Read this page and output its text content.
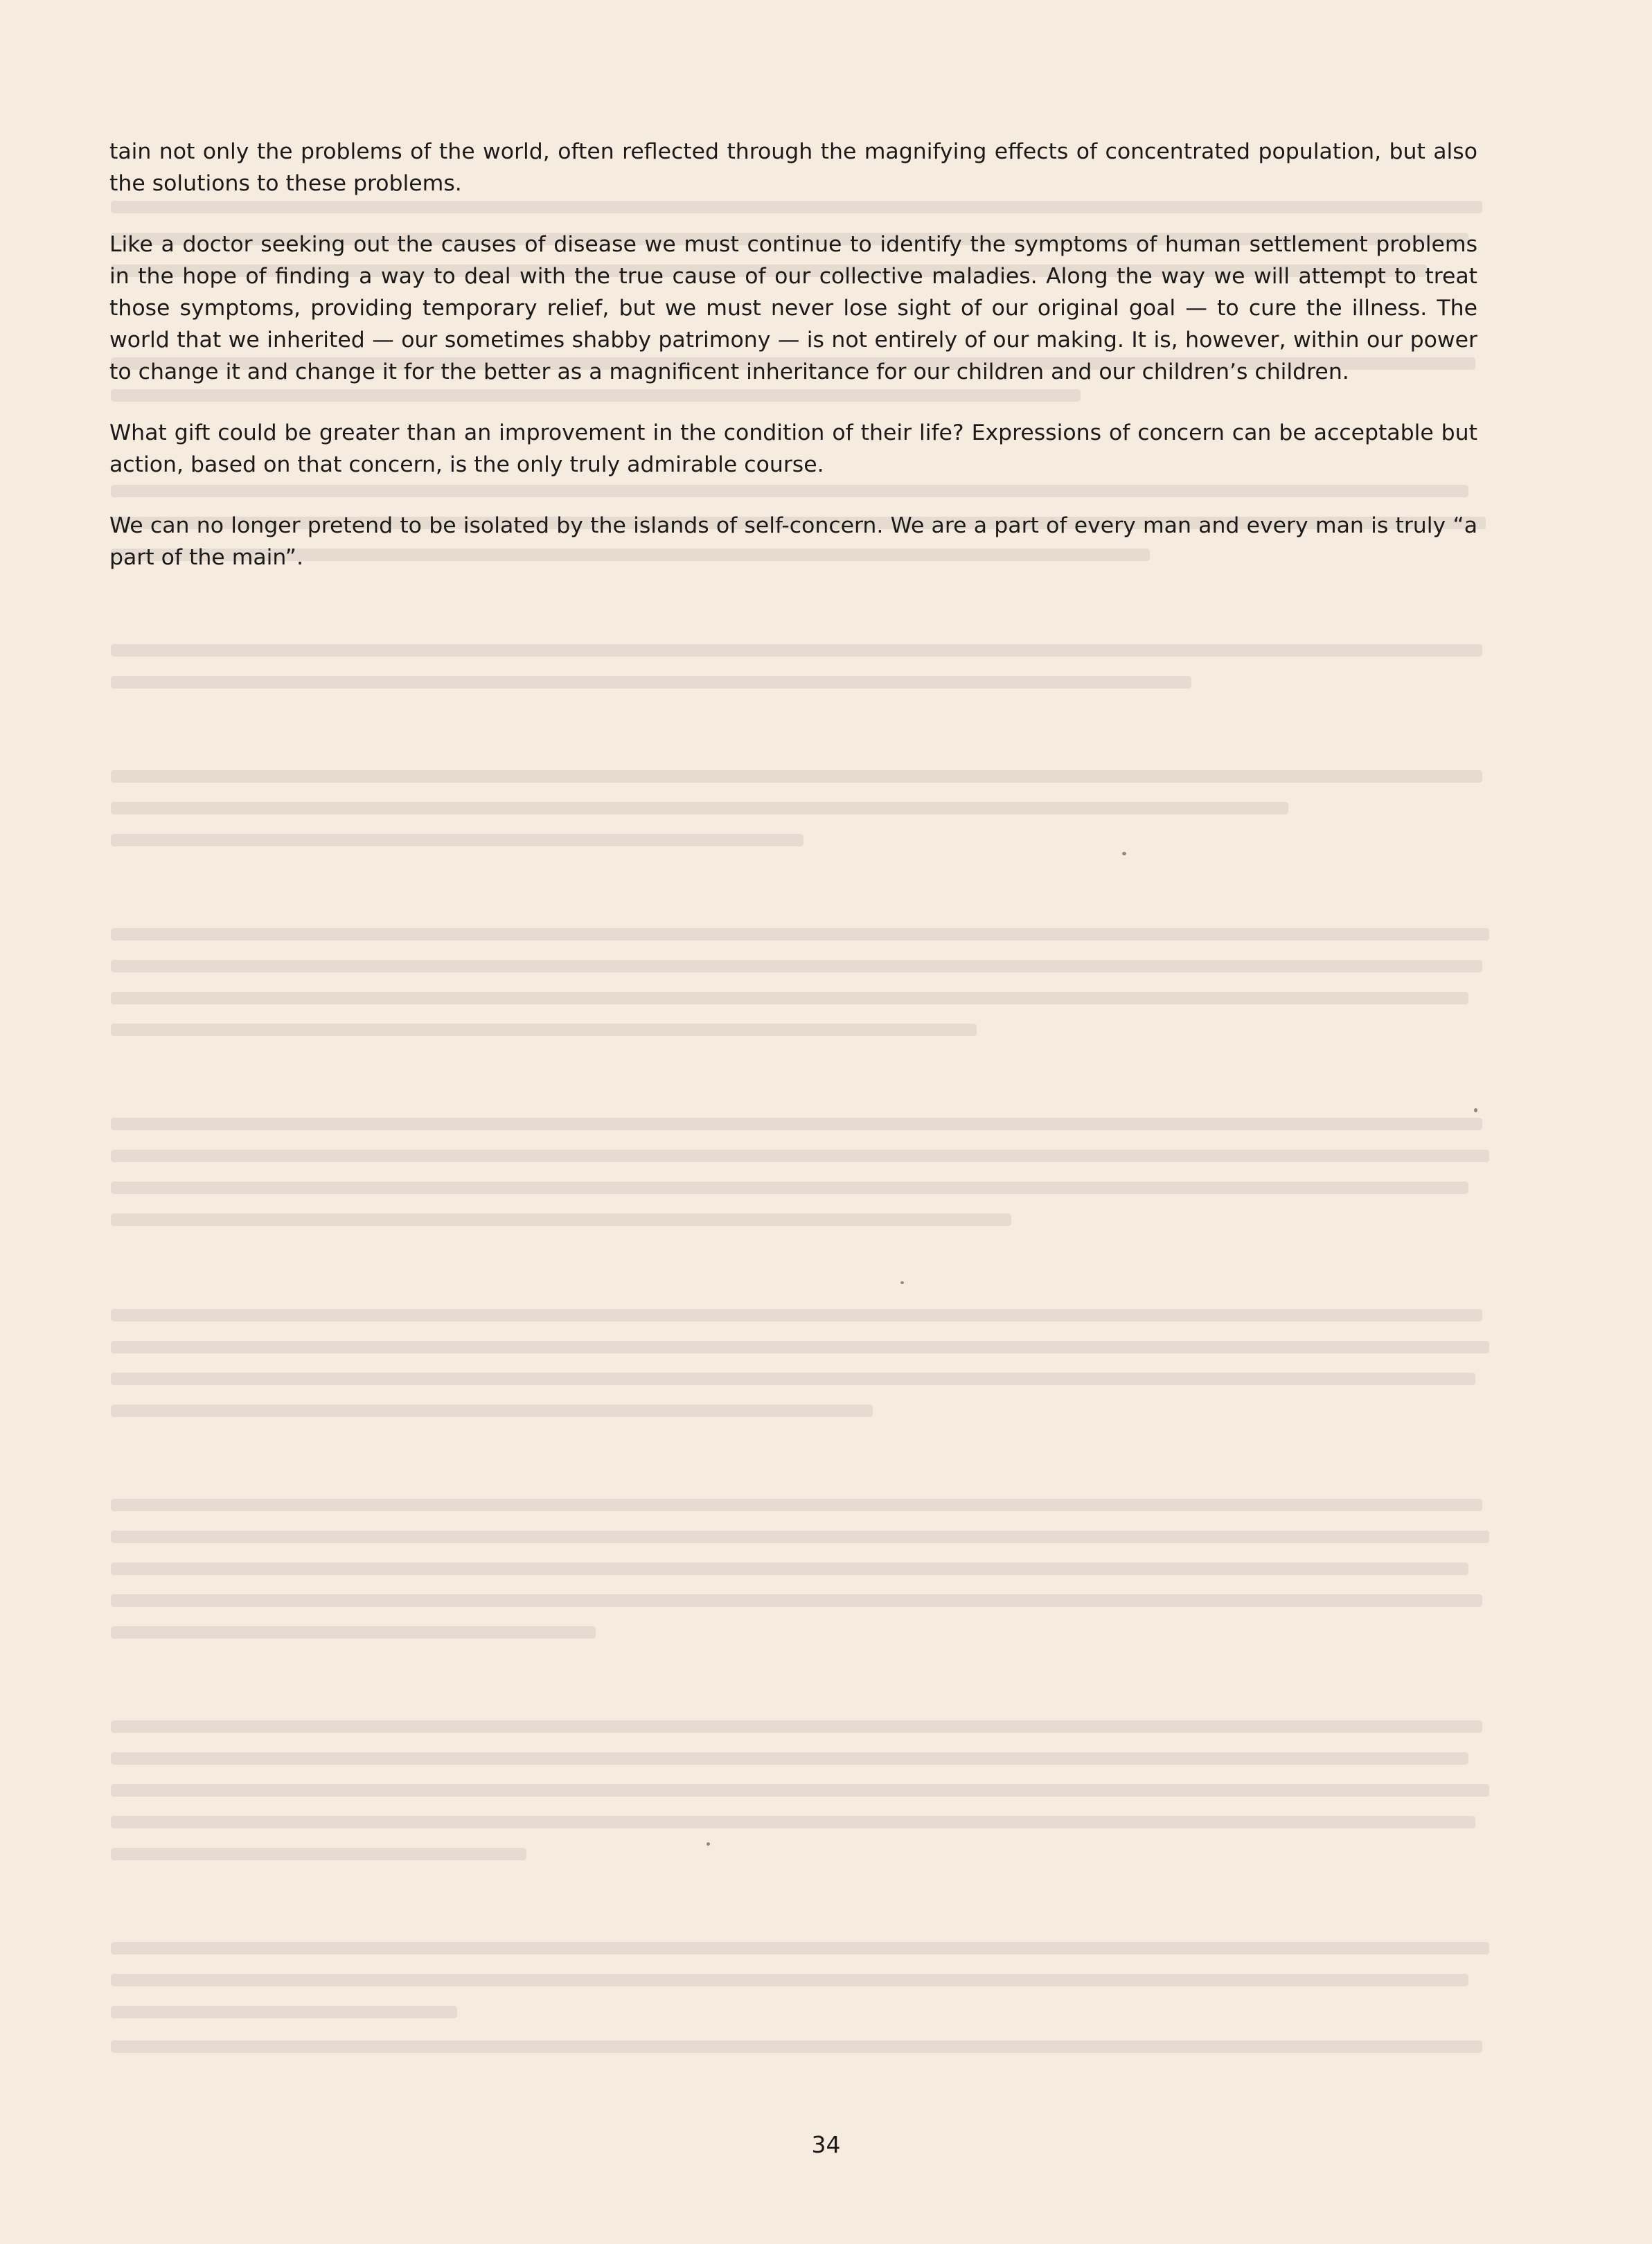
tain not only the problems of the world, often reflected through the magnifying effects of concentrated population, but also the solutions to these problems.

Like a doctor seeking out the causes of disease we must continue to identify the symptoms of human settlement problems in the hope of finding a way to deal with the true cause of our collective maladies. Along the way we will attempt to treat those symptoms, providing temporary relief, but we must never lose sight of our original goal — to cure the illness. The world that we inherited — our sometimes shabby patrimony — is not entirely of our making. It is, however, within our power to change it and change it for the better as a magnificent inheritance for our children and our children’s children.

What gift could be greater than an improvement in the condition of their life? Expressions of concern can be acceptable but action, based on that concern, is the only truly admirable course.

We can no longer pretend to be isolated by the islands of self-concern. We are a part of every man and every man is truly “a part of the main”.

34
